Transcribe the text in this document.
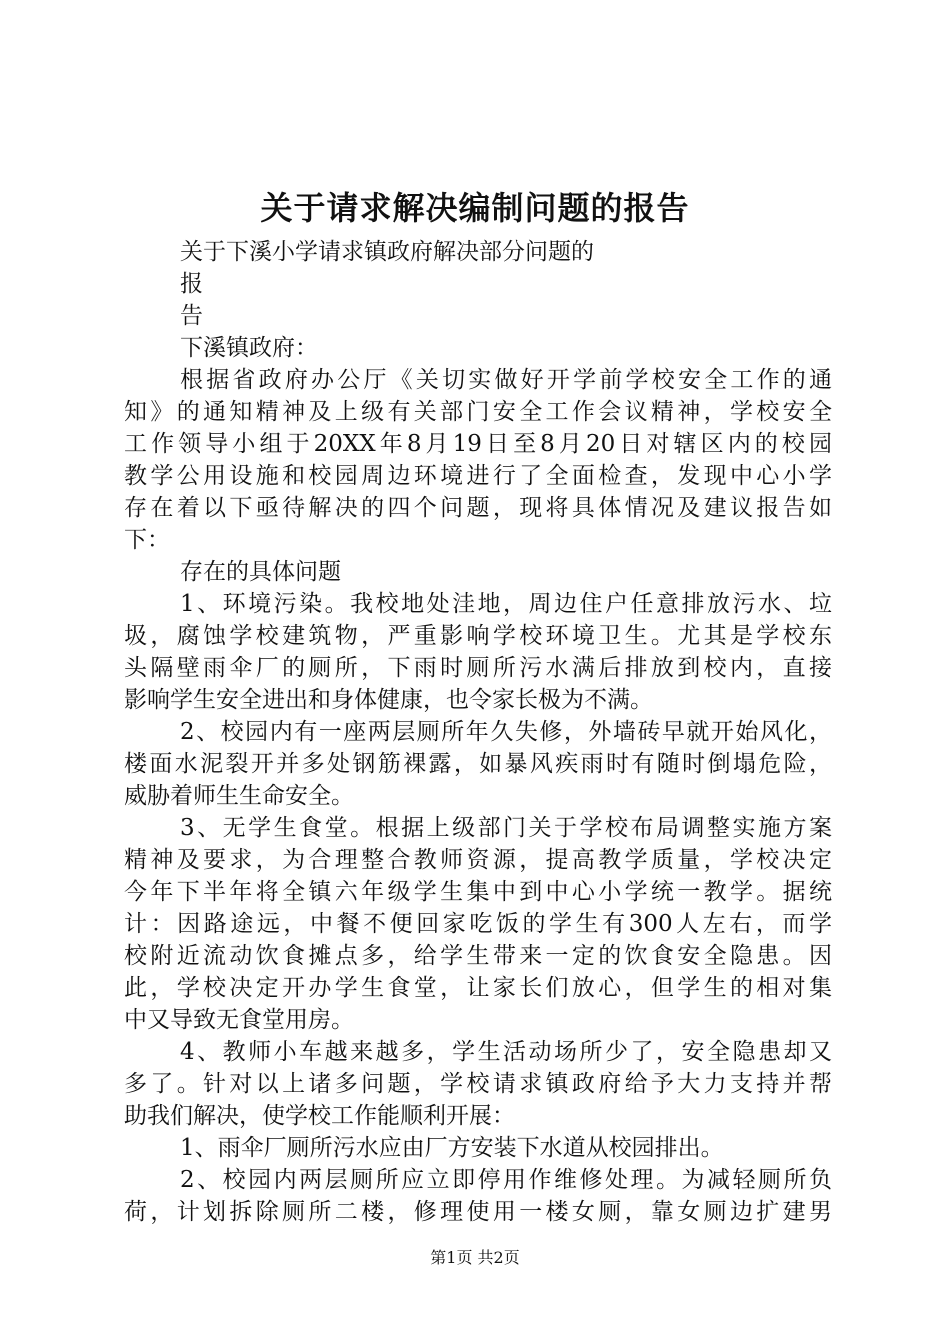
关于请求解决编制问题的报告
关于下溪小学请求镇政府解决部分问题的
报
告
下溪镇政府：
根据省政府办公厅《关切实做好开学前学校安全工作的通
知》的通知精神及上级有关部门安全工作会议精神，学校安全
工作领导小组于20XX年8月19日至8月20日对辖区内的校园
教学公用设施和校园周边环境进行了全面检查，发现中心小学
存在着以下亟待解决的四个问题，现将具体情况及建议报告如
下：
存在的具体问题
1、环境污染。我校地处洼地，周边住户任意排放污水、垃
圾，腐蚀学校建筑物，严重影响学校环境卫生。尤其是学校东
头隔壁雨伞厂的厕所，下雨时厕所污水满后排放到校内，直接
影响学生安全进出和身体健康，也令家长极为不满。
2、校园内有一座两层厕所年久失修，外墙砖早就开始风化，
楼面水泥裂开并多处钢筋裸露，如暴风疾雨时有随时倒塌危险，
威胁着师生生命安全。
3、无学生食堂。根据上级部门关于学校布局调整实施方案
精神及要求，为合理整合教师资源，提高教学质量，学校决定
今年下半年将全镇六年级学生集中到中心小学统一教学。据统
计：因路途远，中餐不便回家吃饭的学生有300人左右，而学
校附近流动饮食摊点多，给学生带来一定的饮食安全隐患。因
此，学校决定开办学生食堂，让家长们放心，但学生的相对集
中又导致无食堂用房。
4、教师小车越来越多，学生活动场所少了，安全隐患却又
多了。针对以上诸多问题，学校请求镇政府给予大力支持并帮
助我们解决，使学校工作能顺利开展：
1、雨伞厂厕所污水应由厂方安装下水道从校园排出。
2、校园内两层厕所应立即停用作维修处理。为减轻厕所负
荷，计划拆除厕所二楼，修理使用一楼女厕，靠女厕边扩建男
第1页 共2页
